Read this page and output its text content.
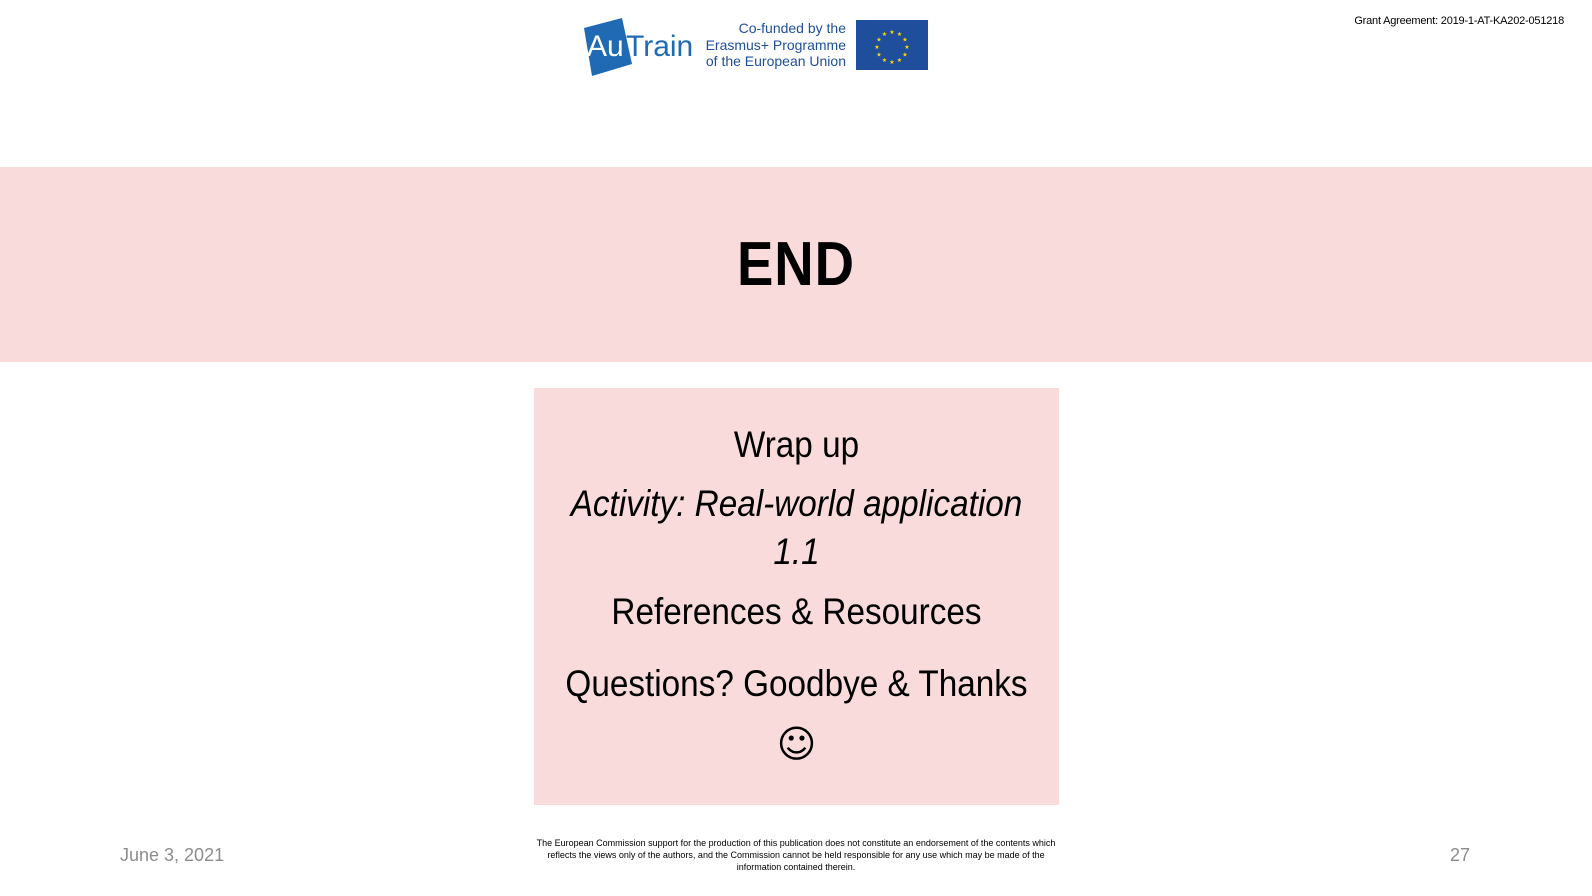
Grant Agreement: 2019-1-AT-KA202-051218
Au Train
Co-funded by the
Erasmus+ Programme
of the European Union
★ ★
★
★
★
★
★
★
★
★
★
★
END
Wrap up
Activity: Real-world application
1.1
References & Resources
Questions? Goodbye & Thanks
☺
June 3, 2021
The European Commission support for the production of this publication does not constitute an endorsement of the contents which reflects the views only of the authors, and the Commission cannot be held responsible for any use which may be made of the information contained therein.
27
